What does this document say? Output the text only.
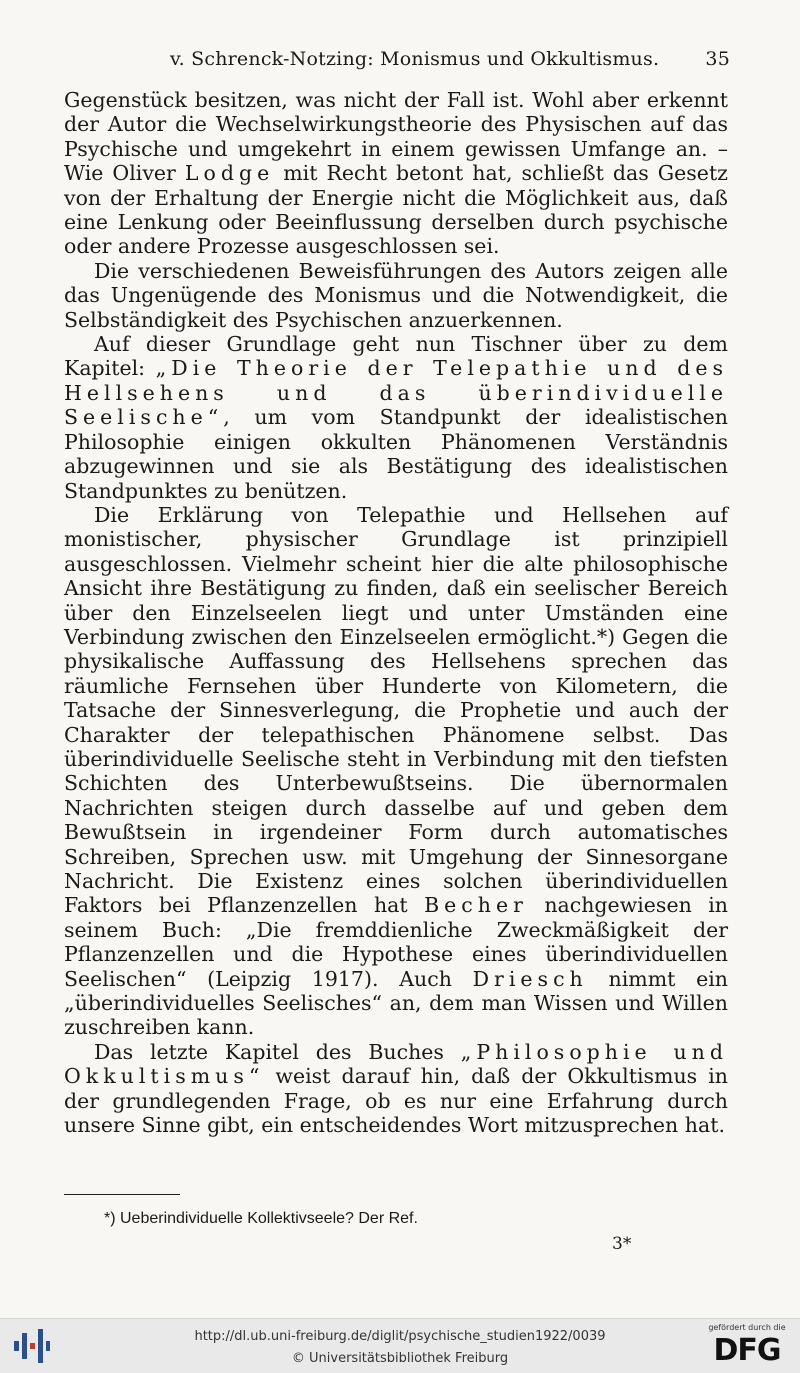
v. Schrenck-Notzing: Monismus und Okkultismus. 35

Gegenstück besitzen, was nicht der Fall ist. Wohl aber erkennt der Autor die Wechselwirkungstheorie des Physischen auf das Psychische und umgekehrt in einem gewissen Umfange an. – Wie Oliver Lodge mit Recht betont hat, schließt das Gesetz von der Erhaltung der Energie nicht die Möglichkeit aus, daß eine Lenkung oder Beeinflussung derselben durch psychische oder andere Prozesse ausgeschlossen sei.

Die verschiedenen Beweisführungen des Autors zeigen alle das Ungenügende des Monismus und die Notwendigkeit, die Selbständigkeit des Psychischen anzuerkennen.

Auf dieser Grundlage geht nun Tischner über zu dem Kapitel: „Die Theorie der Telepathie und des Hellsehens und das überindividuelle Seelische“, um vom Standpunkt der idealistischen Philosophie einigen okkulten Phänomenen Verständnis abzugewinnen und sie als Bestätigung des idealistischen Standpunktes zu benützen.

Die Erklärung von Telepathie und Hellsehen auf monistischer, physischer Grundlage ist prinzipiell ausgeschlossen. Vielmehr scheint hier die alte philosophische Ansicht ihre Bestätigung zu finden, daß ein seelischer Bereich über den Einzelseelen liegt und unter Umständen eine Verbindung zwischen den Einzelseelen ermöglicht.*) Gegen die physikalische Auffassung des Hellsehens sprechen das räumliche Fernsehen über Hunderte von Kilometern, die Tatsache der Sinnesverlegung, die Prophetie und auch der Charakter der telepathischen Phänomene selbst. Das überindividuelle Seelische steht in Verbindung mit den tiefsten Schichten des Unterbewußtseins. Die übernormalen Nachrichten steigen durch dasselbe auf und geben dem Bewußtsein in irgendeiner Form durch automatisches Schreiben, Sprechen usw. mit Umgehung der Sinnesorgane Nachricht. Die Existenz eines solchen überindividuellen Faktors bei Pflanzenzellen hat Becher nachgewiesen in seinem Buch: „Die fremddienliche Zweckmäßigkeit der Pflanzenzellen und die Hypothese eines überindividuellen Seelischen“ (Leipzig 1917). Auch Driesch nimmt ein „überindividuelles Seelisches“ an, dem man Wissen und Willen zuschreiben kann.

Das letzte Kapitel des Buches „Philosophie und Okkultismus“ weist darauf hin, daß der Okkultismus in der grundlegenden Frage, ob es nur eine Erfahrung durch unsere Sinne gibt, ein entscheidendes Wort mitzusprechen hat.

*) Ueberindividuelle Kollektivseele? Der Ref.
3*
http://dl.ub.uni-freiburg.de/diglit/psychische_studien1922/0039
© Universitätsbibliothek Freiburg
gefördert durch die
DFG
